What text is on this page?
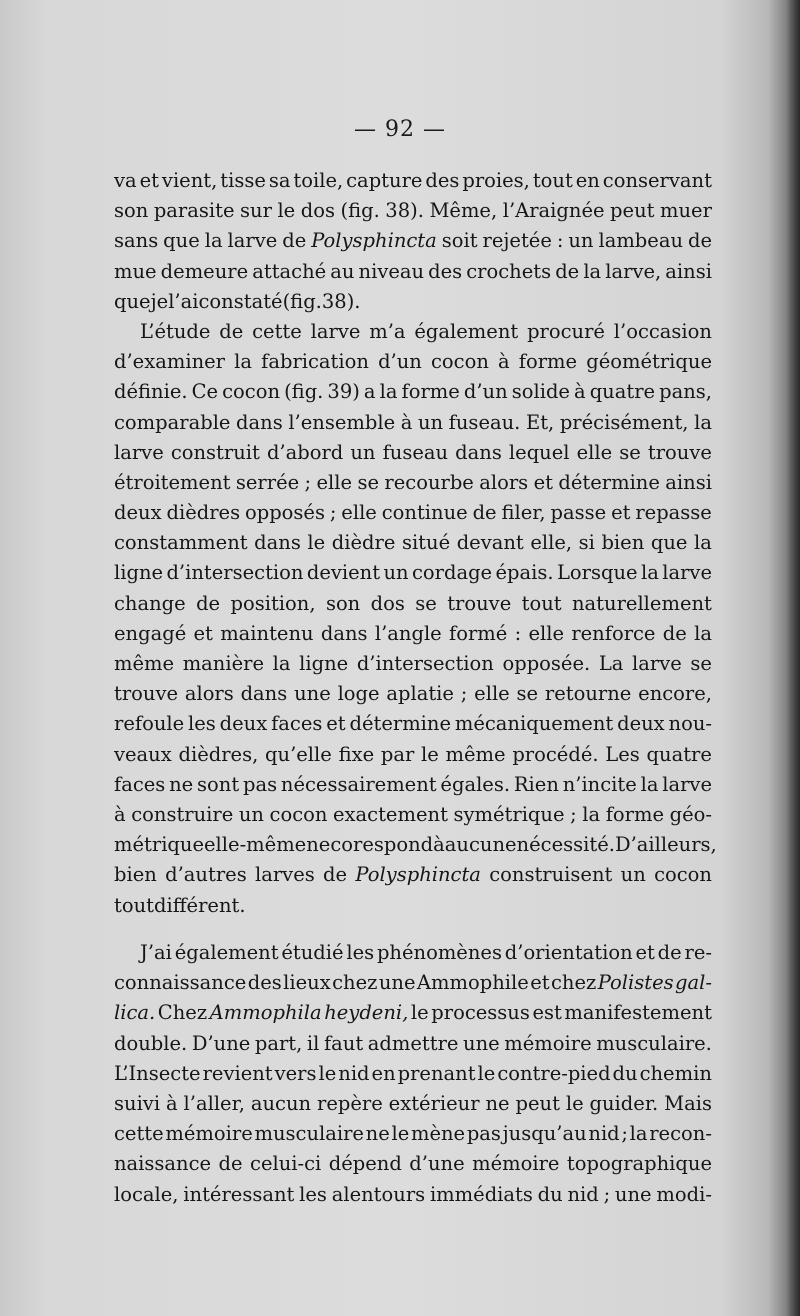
— 92 —
va et vient, tisse sa toile, capture des proies, tout en conservant
son parasite sur le dos (fig. 38). Même, l’Araignée peut muer
sans que la larve de Polysphincta soit rejetée : un lambeau de
mue demeure attaché au niveau des crochets de la larve, ainsi
que je l’ai constaté (fig. 38).
L’étude de cette larve m’a également procuré l’occasion
d’examiner la fabrication d’un cocon à forme géométrique
définie. Ce cocon (fig. 39) a la forme d’un solide à quatre pans,
comparable dans l’ensemble à un fuseau. Et, précisément, la
larve construit d’abord un fuseau dans lequel elle se trouve
étroitement serrée ; elle se recourbe alors et détermine ainsi
deux dièdres opposés ; elle continue de filer, passe et repasse
constamment dans le dièdre situé devant elle, si bien que la
ligne d’intersection devient un cordage épais. Lorsque la larve
change de position, son dos se trouve tout naturellement
engagé et maintenu dans l’angle formé : elle renforce de la
même manière la ligne d’intersection opposée. La larve se
trouve alors dans une loge aplatie ; elle se retourne encore,
refoule les deux faces et détermine mécaniquement deux nou-
veaux dièdres, qu’elle fixe par le même procédé. Les quatre
faces ne sont pas nécessairement égales. Rien n’incite la larve
à construire un cocon exactement symétrique ; la forme géo-
métrique elle-même ne corespond à aucune nécessité. D’ailleurs,
bien d’autres larves de Polysphincta construisent un cocon
tout différent.
J’ai également étudié les phénomènes d’orientation et de re-
connaissance des lieux chez une Ammophile et chez Polistes gal-
lica. Chez Ammophila heydeni, le processus est manifestement
double. D’une part, il faut admettre une mémoire musculaire.
L’Insecte revient vers le nid en prenant le contre-pied du chemin
suivi à l’aller, aucun repère extérieur ne peut le guider. Mais
cette mémoire musculaire ne le mène pas jusqu’au nid ; la recon-
naissance de celui-ci dépend d’une mémoire topographique
locale, intéressant les alentours immédiats du nid ; une modi-
